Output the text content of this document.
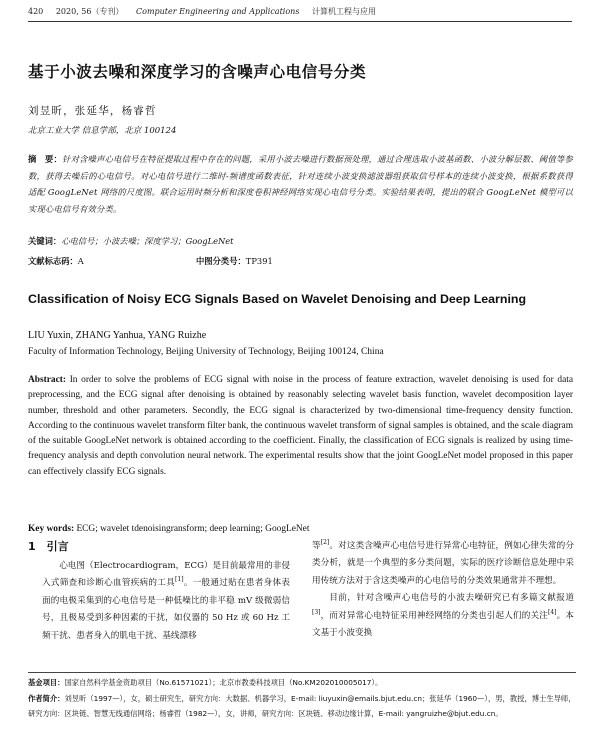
420 2020, 56（专刊） Computer Engineering and Applications 计算机工程与应用
基于小波去噪和深度学习的含噪声心电信号分类
刘昱昕，张延华，杨睿哲
北京工业大学 信息学部，北京 100124
摘　要：针对含噪声心电信号在特征提取过程中存在的问题，采用小波去噪进行数据预处理，通过合理选取小波基函数、小波分解层数、阈值等参数，获得去噪后的心电信号。对心电信号进行二维时-频谱度函数表征，针对连续小波变换滤波器组获取信号样本的连续小波变换，根据系数获得适配 GoogLeNet 网络的尺度图。联合运用时频分析和深度卷积神经网络实现心电信号分类。实验结果表明，提出的联合 GoogLeNet 模型可以实现心电信号有效分类。
关键词：心电信号；小波去噪；深度学习；GoogLeNet
文献标志码：A	中图分类号：TP391
Classification of Noisy ECG Signals Based on Wavelet Denoising and Deep Learning
LIU Yuxin, ZHANG Yanhua, YANG Ruizhe
Faculty of Information Technology, Beijing University of Technology, Beijing 100124, China
Abstract: In order to solve the problems of ECG signal with noise in the process of feature extraction, wavelet denoising is used for data preprocessing, and the ECG signal after denoising is obtained by reasonably selecting wavelet basis function, wavelet decomposition layer number, threshold and other parameters. Secondly, the ECG signal is characterized by two-dimensional time-frequency density function. According to the continuous wavelet transform filter bank, the continuous wavelet transform of signal samples is obtained, and the scale diagram of the suitable GoogLeNet network is obtained according to the coefficient. Finally, the classification of ECG signals is realized by using time-frequency analysis and depth convolution neural network. The experimental results show that the joint GoogLeNet model proposed in this paper can effectively classify ECG signals.
Key words: ECG; wavelet tdenoisingransform; deep learning; GoogLeNet
1　引言
心电图（Electrocardiogram，ECG）是目前最常用的非侵入式筛查和诊断心血管疾病的工具[1]。一般通过贴在患者身体表面的电极采集到的心电信号是一种低噪比的非平稳 mV 级微弱信号，且极易受到多种因素的干扰，如仪器的 50 Hz 或 60 Hz 工频干扰、患者身入的肌电干扰、基线漂移
等[2]。对这类含噪声心电信号进行异常心电特征，例如心律失常的分类分析，就是一个典型的多分类问题，实际的医疗诊断信息处理中采用传统方法对于含这类噪声的心电信号的分类效果通常并不理想。
目前，针对含噪声心电信号的小波去噪研究已有多篇文献报道[3]，而对异常心电特征采用神经网络的分类也引起人们的关注[4]。本文基于小波变换

基金项目：国家自然科学基金资助项目（No.61571021）；北京市教委科技项目（No.KM202010005017）。

作者简介：刘昱昕（1997—），女，硕士研究生，研究方向：大数据、机器学习，E-mail: liuyuxin@emails.bjut.edu.cn；张延华（1960—），男，教授，博士生导师，研究方向：区块链、智慧无线通信网络；杨睿哲（1982—），女，讲师，研究方向：区块链、移动边缘计算，E-mail: yangruizhe@bjut.edu.cn。
